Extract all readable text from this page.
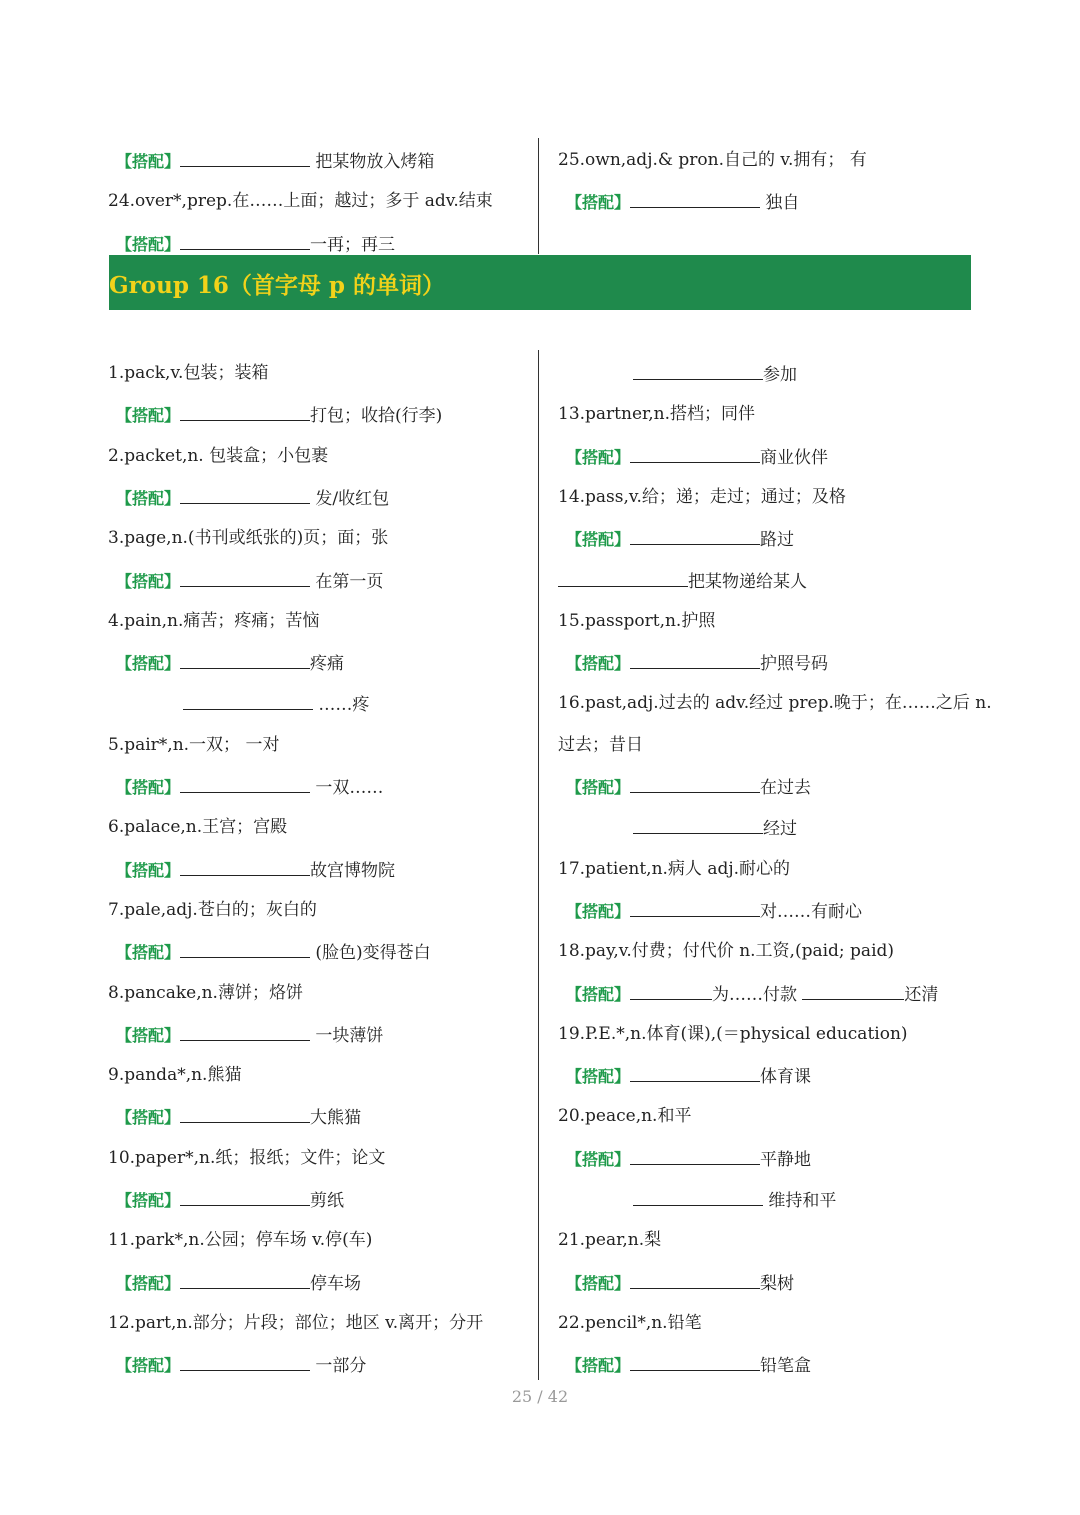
Group 16（首字母 p 的单词）
25 / 42
【搭配】	把某物放入烤箱
24.over*,prep.在……上面；越过；多于 adv.结束
【搭配】	一再；再三
25.own,adj.& pron.自己的 v.拥有； 有
【搭配】	独自
1.pack,v.包装；装箱
【搭配】	打包；收拾(行李)
2.packet,n. 包装盒；小包裹
【搭配】	发/收红包
3.page,n.(书刊或纸张的)页；面；张
【搭配】	在第一页
4.pain,n.痛苦；疼痛；苦恼
【搭配】	疼痛
……疼
5.pair*,n.一双； 一对
【搭配】	一双……
6.palace,n.王宫；宫殿
【搭配】	故宫博物院
7.pale,adj.苍白的；灰白的
【搭配】	(脸色)变得苍白
8.pancake,n.薄饼；烙饼
【搭配】	一块薄饼
9.panda*,n.熊猫
【搭配】	大熊猫
10.paper*,n.纸；报纸；文件；论文
【搭配】	剪纸
11.park*,n.公园；停车场 v.停(车)
【搭配】	停车场
12.part,n.部分；片段；部位；地区 v.离开；分开
【搭配】	一部分
参加
13.partner,n.搭档；同伴
【搭配】	商业伙伴
14.pass,v.给；递；走过；通过；及格
【搭配】	路过
把某物递给某人
15.passport,n.护照
【搭配】	护照号码
16.past,adj.过去的 adv.经过 prep.晚于；在……之后 n.
过去；昔日
【搭配】	在过去
经过
17.patient,n.病人 adj.耐心的
【搭配】	对……有耐心
18.pay,v.付费；付代价 n.工资,(paid; paid)
【搭配】	为……付款	还清
19.P.E.*,n.体育(课),(＝physical education)
【搭配】	体育课
20.peace,n.和平
【搭配】	平静地
维持和平
21.pear,n.梨
【搭配】	梨树
22.pencil*,n.铅笔
【搭配】	铅笔盒
